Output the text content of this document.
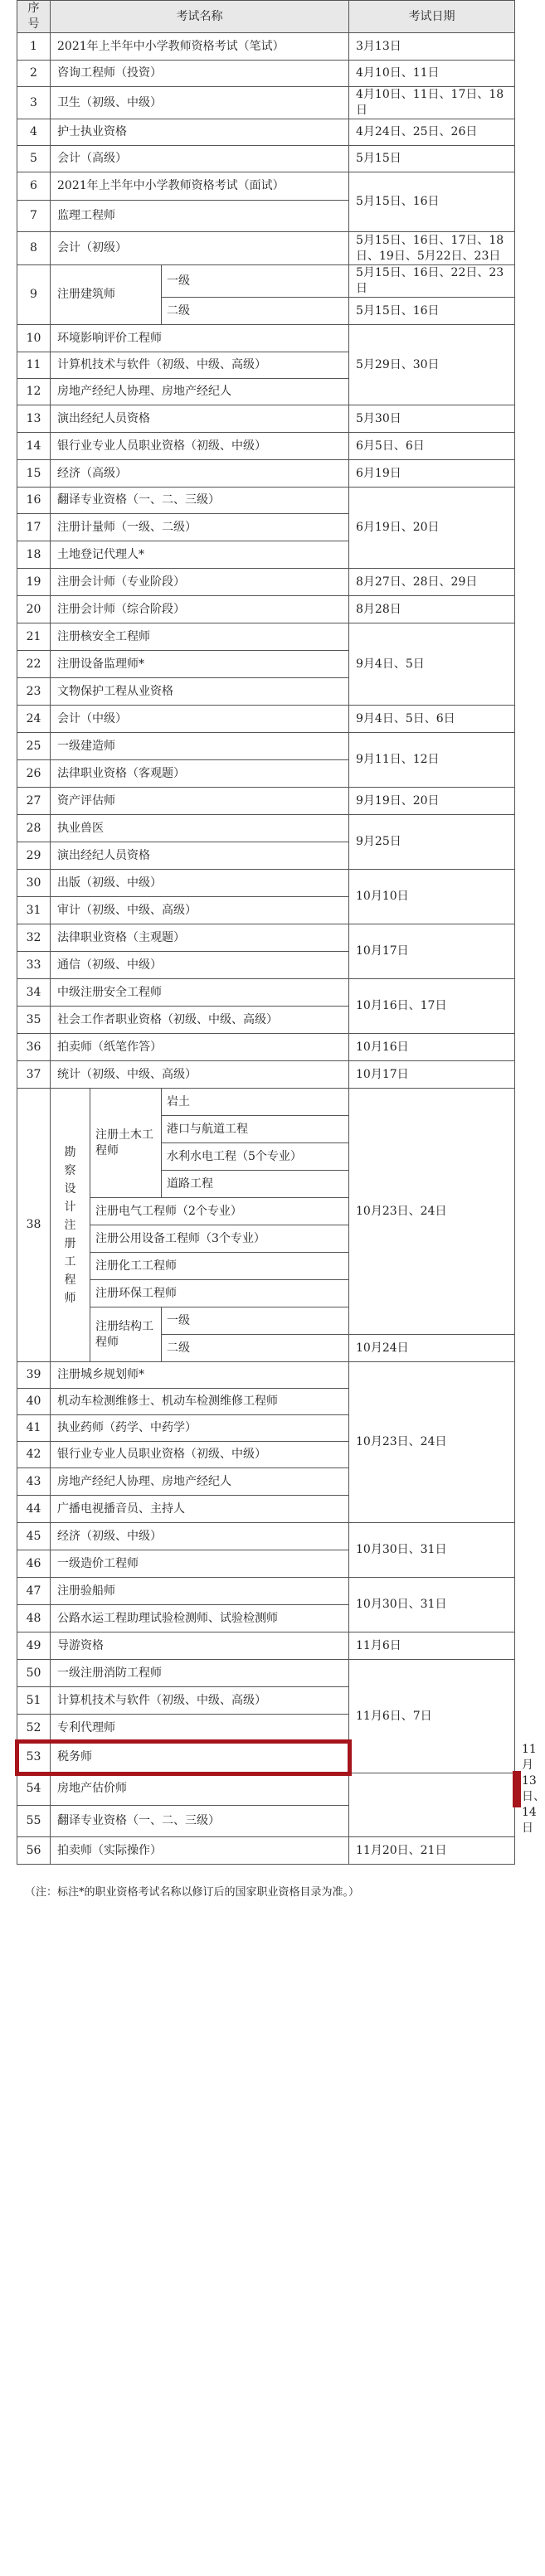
序号	考试名称			考试日期	
1	2021年上半年中小学教师资格考试（笔试）			3月13日	
2	咨询工程师（投资）			4月10日、11日	
3	卫生（初级、中级）			4月10日、11日、17日、18日	
4	护士执业资格			4月24日、25日、26日	
5	会计（高级）			5月15日	
6	2021年上半年中小学教师资格考试（面试）			5月15日、16日	
7	监理工程师				
8	会计（初级）			5月15日、16日、17日、18日、19日、5月22日、23日	
9	注册建筑师		一级	5月15日、16日、22日、23日	
			二级	5月15日、16日	
10	环境影响评价工程师			5月29日、30日	
11	计算机技术与软件（初级、中级、高级）				
12	房地产经纪人协理、房地产经纪人				
13	演出经纪人员资格			5月30日	
14	银行业专业人员职业资格（初级、中级）			6月5日、6日	
15	经济（高级）			6月19日	
16	翻译专业资格（一、二、三级）			6月19日、20日	
17	注册计量师（一级、二级）				
18	土地登记代理人*				
19	注册会计师（专业阶段）			8月27日、28日、29日	
20	注册会计师（综合阶段）			8月28日	
21	注册核安全工程师			9月4日、5日	
22	注册设备监理师*				
23	文物保护工程从业资格				
24	会计（中级）			9月4日、5日、6日	
25	一级建造师			9月11日、12日	
26	法律职业资格（客观题）				
27	资产评估师			9月19日、20日	
28	执业兽医			9月25日	
29	演出经纪人员资格				
30	出版（初级、中级）			10月10日	
31	审计（初级、中级、高级）				
32	法律职业资格（主观题）			10月17日	
33	通信（初级、中级）				
34	中级注册安全工程师			10月16日、17日	
35	社会工作者职业资格（初级、中级、高级）				
36	拍卖师（纸笔作答）			10月16日	
37	统计（初级、中级、高级）			10月17日	
38	勘察设计注册工程师	注册土木工程师	岩土	10月23日、24日	
			港口与航道工程		
			水利水电工程（5个专业）		
			道路工程		
		注册电气工程师（2个专业）			
		注册公用设备工程师（3个专业）			
		注册化工工程师			
		注册环保工程师			
		注册结构工程师	一级		
			二级	10月24日	
39	注册城乡规划师*			10月23日、24日	
40	机动车检测维修士、机动车检测维修工程师				
41	执业药师（药学、中药学）				
42	银行业专业人员职业资格（初级、中级）				
43	房地产经纪人协理、房地产经纪人				
44	广播电视播音员、主持人				
45	经济（初级、中级）			10月30日、31日	
46	一级造价工程师				
47	注册验船师			10月30日、31日	
48	公路水运工程助理试验检测师、试验检测师				
49	导游资格			11月6日	
50	一级注册消防工程师			11月6日、7日	
51	计算机技术与软件（初级、中级、高级）				
52	专利代理师				
53	税务师				11月13日、14日
54	房地产估价师				
55	翻译专业资格（一、二、三级）				
56	拍卖师（实际操作）			11月20日、21日	
（注：标注*的职业资格考试名称以修订后的国家职业资格目录为准。）
